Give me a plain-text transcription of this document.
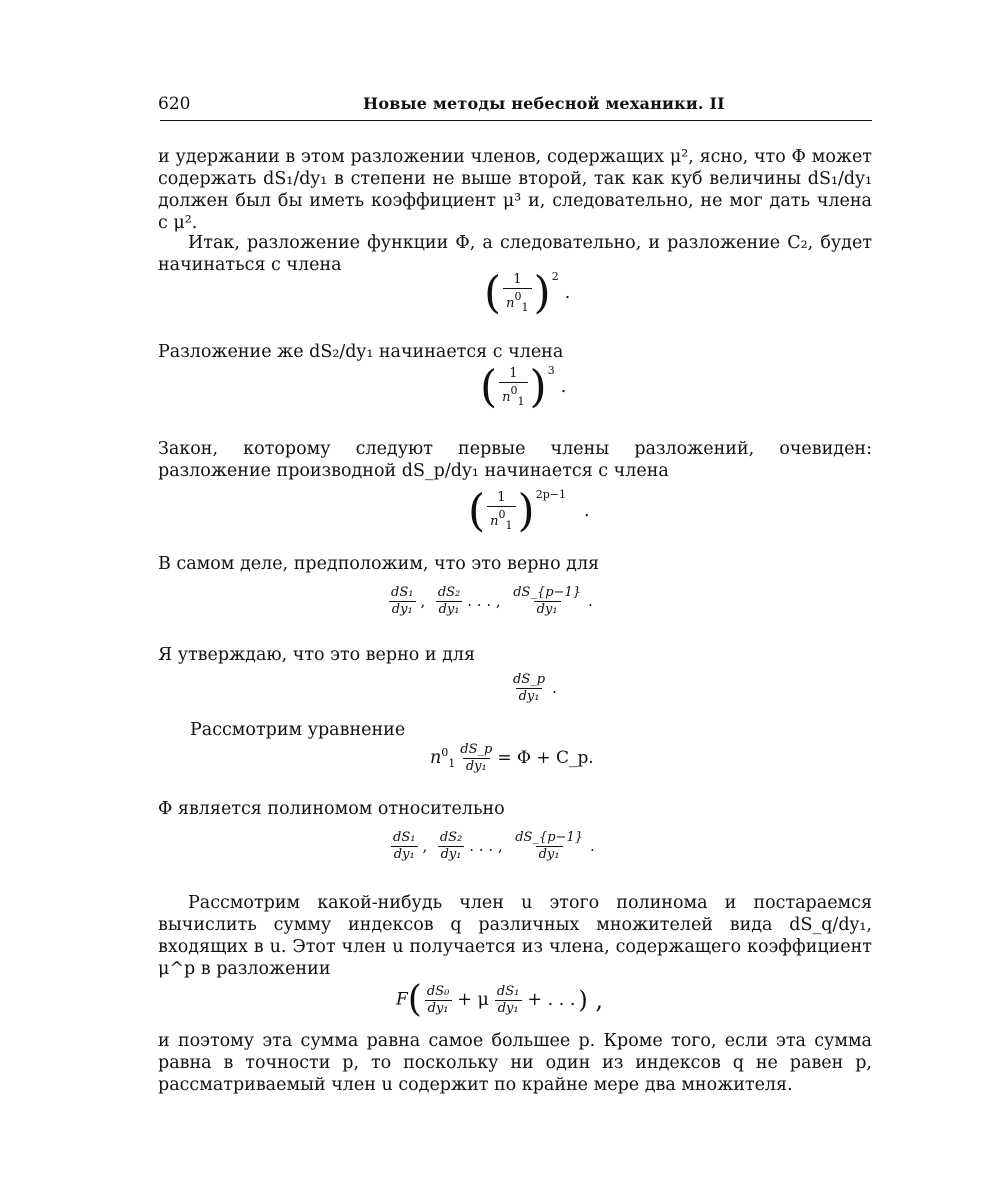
620	Новые методы небесной механики. II
и удержании в этом разложении членов, содержащих μ², ясно, что Φ может содержать dS₁/dy₁ в степени не выше второй, так как куб величины dS₁/dy₁ должен был бы иметь коэффициент μ³ и, следовательно, не мог дать члена с μ².
Итак, разложение функции Φ, а следовательно, и разложение C₂, будет начинаться с члена
( $\frac{1}{n^0_1} )^2$.
Разложение же dS₂/dy₁ начинается с члена
( $\frac{1}{n^0_1} )^3$.
Закон, которому следуют первые члены разложений, очевиден: разложение производной dS_p/dy₁ начинается с члена
( $\frac{1}{n^0_1} )^{2p-1}$.
В самом деле, предположим, что это верно для
$\frac{\text{dS₁}}{\text{dy₁}}$ , $\frac{\text{dS₂}}{\text{dy₁}}$ . . . , $\frac{dS\_\{p-1\}}{\text{dy₁}}$ .
Я утверждаю, что это верно и для
$\frac{dS\_p}{\text{dy₁}}$ .
Рассмотрим уравнение
$n^0_1 \frac{dS\_p}{\text{dy₁}} = \Phi$ + C_p.
Φ является полиномом относительно
$\frac{\text{dS₁}}{\text{dy₁}}$ , $\frac{\text{dS₂}}{\text{dy₁}}$ . . . , $\frac{dS\_\{p-1\}}{\text{dy₁}}$ .
Рассмотрим какой-нибудь член u этого полинома и постараемся вычислить сумму индексов q различных множителей вида dS_q/dy₁, входящих в u. Этот член u получается из члена, содержащего коэффициент μ^p в разложении
$F( \frac{\text{dS₀}}{\text{dy₁}} + \mu \frac{\text{dS₁}}{\text{dy₁}}$ + . . . ) ,
и поэтому эта сумма равна самое большее p. Кроме того, если эта сумма равна в точности p, то поскольку ни один из индексов q не равен p, рассматриваемый член u содержит по крайне мере два множителя.
